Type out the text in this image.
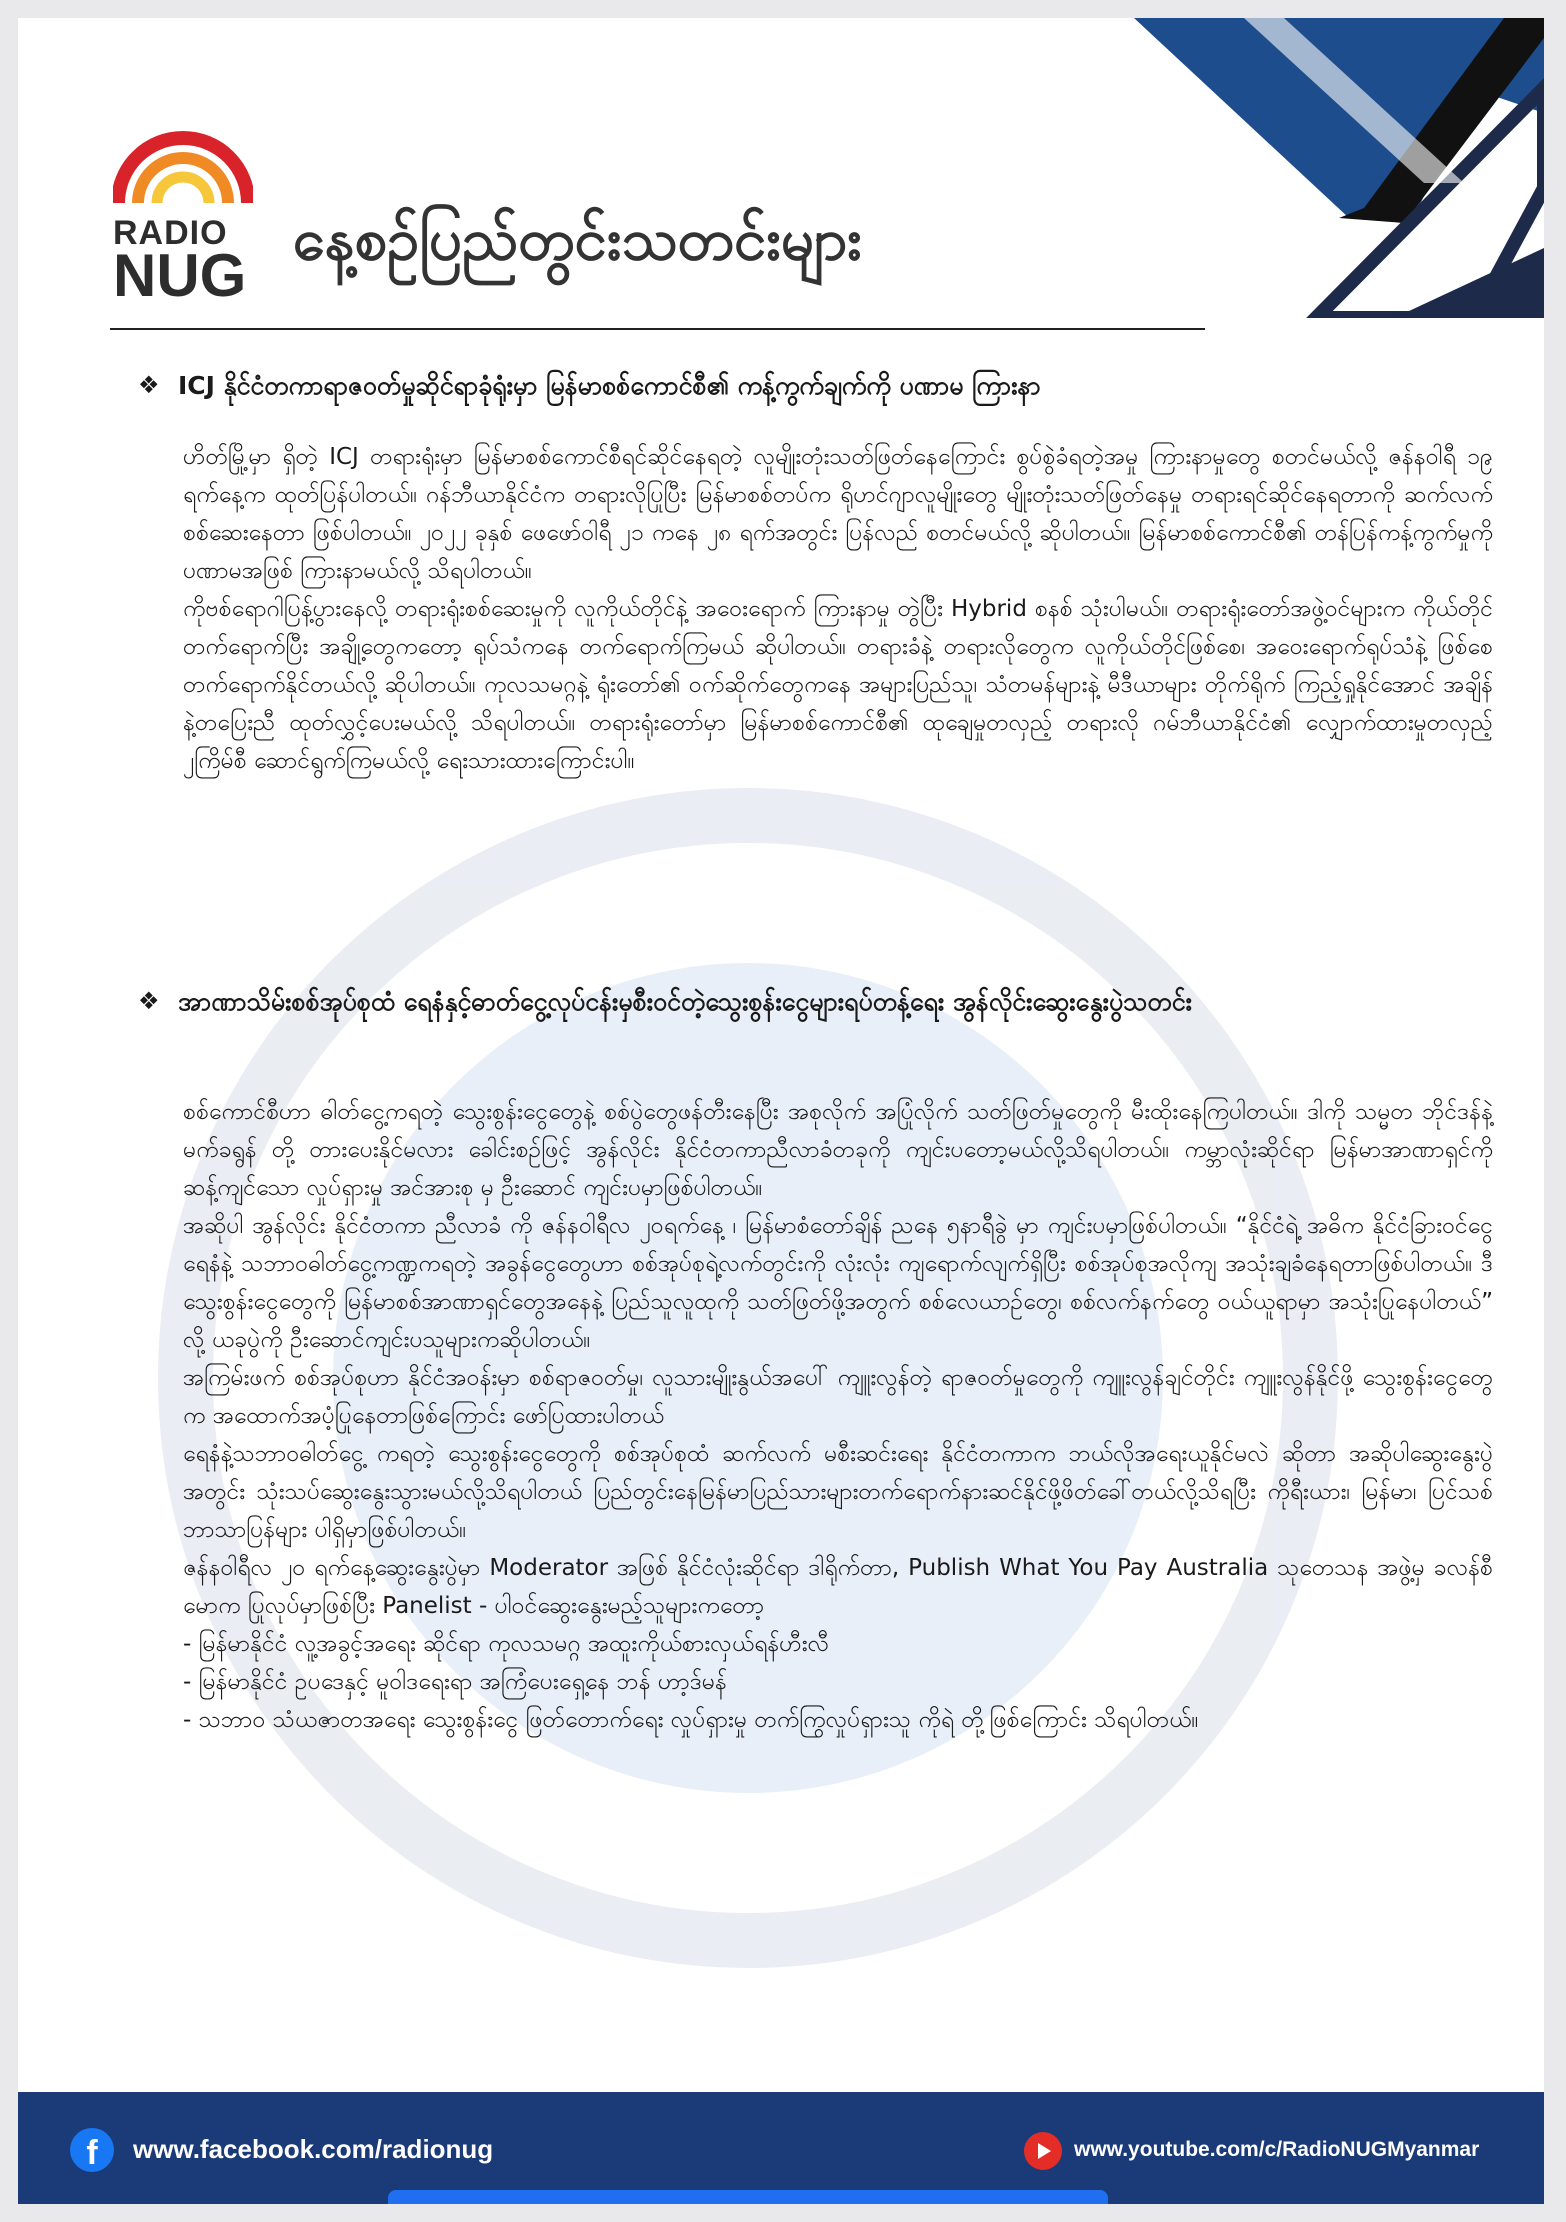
RADIO
NUG
နေ့စဉ်ပြည်တွင်းသတင်းများ
❖ ICJ နိုင်ငံတကာရာဇဝတ်မှုဆိုင်ရာခုံရုံးမှာ မြန်မာစစ်ကောင်စီ၏ ကန့်ကွက်ချက်ကို ပဏာမ ကြားနာ

ဟိတ်မြို့မှာ ရှိတဲ့ ICJ တရားရုံးမှာ မြန်မာစစ်ကောင်စီရင်ဆိုင်နေရတဲ့ လူမျိုးတုံးသတ်ဖြတ်နေကြောင်း စွပ်စွဲခံရတဲ့အမှု ကြားနာမှုတွေ စတင်မယ်လို့ ဇန်နဝါရီ ၁၉ ရက်နေ့က ထုတ်ပြန်ပါတယ်။ ဂန်ဘီယာနိုင်ငံက တရားလိုပြုပြီး မြန်မာစစ်တပ်က ရိုဟင်ဂျာလူမျိုးတွေ မျိုးတုံးသတ်ဖြတ်နေမှု တရားရင်ဆိုင်နေရတာကို ဆက်လက်စစ်ဆေးနေတာ ဖြစ်ပါတယ်။ ၂၀၂၂ ခုနှစ် ဖေဖော်ဝါရီ ၂၁ ကနေ ၂၈ ရက်အတွင်း ပြန်လည် စတင်မယ်လို့ ဆိုပါတယ်။ မြန်မာစစ်ကောင်စီ၏ တန်ပြန်ကန့်ကွက်မှုကို ပဏာမအဖြစ် ကြားနာမယ်လို့ သိရပါတယ်။

ကိုဗစ်ရောဂါပြန့်ပွားနေလို့ တရားရုံးစစ်ဆေးမှုကို လူကိုယ်တိုင်နဲ့ အဝေးရောက် ကြားနာမှု တွဲပြီး Hybrid စနစ် သုံးပါမယ်။ တရားရုံးတော်အဖွဲ့ဝင်များက ကိုယ်တိုင်တက်ရောက်ပြီး အချို့တွေကတော့ ရုပ်သံကနေ တက်ရောက်ကြမယ် ဆိုပါတယ်။ တရားခံနဲ့ တရားလိုတွေက လူကိုယ်တိုင်ဖြစ်စေ၊ အဝေးရောက်ရုပ်သံနဲ့ ဖြစ်စေ တက်ရောက်နိုင်တယ်လို့ ဆိုပါတယ်။ ကုလသမဂ္ဂနဲ့ ရုံးတော်၏ ဝက်ဆိုက်တွေကနေ အများပြည်သူ၊ သံတမန်များနဲ့ မီဒီယာများ တိုက်ရိုက် ကြည့်ရှုနိုင်အောင် အချိန်နဲ့တပြေးညီ ထုတ်လွှင့်ပေးမယ်လို့ သိရပါတယ်။ တရားရုံးတော်မှာ မြန်မာစစ်ကောင်စီ၏ ထုချေမှုတလှည့် တရားလို ဂမ်ဘီယာနိုင်ငံ၏ လျှောက်ထားမှုတလှည့် ၂ကြိမ်စီ ဆောင်ရွက်ကြမယ်လို့ ရေးသားထားကြောင်းပါ။

❖ အာဏာသိမ်းစစ်အုပ်စုထံ ရေနံနှင့်ဓာတ်ငွေ့လုပ်ငန်းမှစီးဝင်တဲ့သွေးစွန်းငွေများရပ်တန့်ရေး အွန်လိုင်းဆွေးနွေးပွဲသတင်း

စစ်ကောင်စီဟာ ဓါတ်ငွေ့ကရတဲ့ သွေးစွန်းငွေတွေနဲ့ စစ်ပွဲတွေဖန်တီးနေပြီး အစုလိုက် အပြုံလိုက် သတ်ဖြတ်မှုတွေကို မီးထိုးနေကြပါတယ်။ ဒါကို သမ္မတ ဘိုင်ဒန်နဲ့ မက်ခရွန် တို့ တားပေးနိုင်မလား ခေါင်းစဉ်ဖြင့် အွန်လိုင်း နိုင်ငံတကာညီလာခံတခုကို ကျင်းပတော့မယ်လို့သိရပါတယ်။ ကမ္ဘာလုံးဆိုင်ရာ မြန်မာအာဏာရှင်ကို ဆန့်ကျင်သော လှုပ်ရှားမှု အင်အားစု မှ ဦးဆောင် ကျင်းပမှာဖြစ်ပါတယ်။

အဆိုပါ အွန်လိုင်း နိုင်ငံတကာ ညီလာခံ ကို ဇန်နဝါရီလ ၂၀ရက်နေ့ ၊ မြန်မာစံတော်ချိန် ညနေ ၅နာရီခွဲ မှာ ကျင်းပမှာဖြစ်ပါတယ်။ “နိုင်ငံရဲ့ အဓိက နိုင်ငံခြားဝင်ငွေ ရေနံနဲ့ သဘာဝဓါတ်ငွေ့ကဏ္ဍကရတဲ့ အခွန်ငွေတွေဟာ စစ်အုပ်စုရဲ့လက်တွင်းကို လုံးလုံး ကျရောက်လျက်ရှိပြီး စစ်အုပ်စုအလိုကျ အသုံးချခံနေရတာဖြစ်ပါတယ်။ ဒီသွေးစွန်းငွေတွေကို မြန်မာစစ်အာဏာရှင်တွေအနေနဲ့ ပြည်သူလူထုကို သတ်ဖြတ်ဖို့အတွက် စစ်လေယာဉ်တွေ၊ စစ်လက်နက်တွေ ဝယ်ယူရာမှာ အသုံးပြုနေပါတယ်” လို့ ယခုပွဲကို ဦးဆောင်ကျင်းပသူများကဆိုပါတယ်။

အကြမ်းဖက် စစ်အုပ်စုဟာ နိုင်ငံအဝန်းမှာ စစ်ရာဇဝတ်မှု၊ လူသားမျိုးနွယ်အပေါ် ကျူးလွန်တဲ့ ရာဇဝတ်မှုတွေကို ကျူးလွန်ချင်တိုင်း ကျူးလွန်နိုင်ဖို့ သွေးစွန်းငွေတွေက အထောက်အပံ့ပြုနေတာဖြစ်ကြောင်း ဖော်ပြထားပါတယ်

ရေနံနဲ့သဘာဝဓါတ်ငွေ့ ကရတဲ့ သွေးစွန်းငွေတွေကို စစ်အုပ်စုထံ ဆက်လက် မစီးဆင်းရေး နိုင်ငံတကာက ဘယ်လိုအရေးယူနိုင်မလဲ ဆိုတာ အဆိုပါဆွေးနွေးပွဲအတွင်း သုံးသပ်ဆွေးနွေးသွားမယ်လို့သိရပါတယ် ပြည်တွင်းနေမြန်မာပြည်သားများတက်ရောက်နားဆင်နိုင်ဖို့ဖိတ်ခေါ်တယ်လို့သိရပြီး ကိုရီးယား၊ မြန်မာ၊ ပြင်သစ် ဘာသာပြန်များ ပါရှိမှာဖြစ်ပါတယ်။

ဇန်နဝါရီလ ၂၀ ရက်နေ့ဆွေးနွေးပွဲမှာ Moderator အဖြစ် နိုင်ငံလုံးဆိုင်ရာ ဒါရိုက်တာ, Publish What You Pay Australia သုတေသန အဖွဲ့မှ ခလန်စီမောက ပြုလုပ်မှာဖြစ်ပြီး Panelist - ပါဝင်ဆွေးနွေးမည့်သူများကတော့

- မြန်မာနိုင်ငံ လူ့အခွင့်အရေး ဆိုင်ရာ ကုလသမဂ္ဂ အထူးကိုယ်စားလှယ်ရန်ဟီးလီ

- မြန်မာနိုင်ငံ ဥပဒေနှင့် မူဝါဒရေးရာ အကြံပေးရှေ့နေ ဘန် ဟာ့ဒ်မန်

- သဘာဝ သံယဇာတအရေး သွေးစွန်းငွေ ဖြတ်တောက်ရေး လှုပ်ရှားမှု တက်ကြွလှုပ်ရှားသူ ကိုရဲ တို့ဖြစ်ကြောင်း သိရပါတယ်။

f	www.facebook.com/radionug	www.youtube.com/c/RadioNUGMyanmar
